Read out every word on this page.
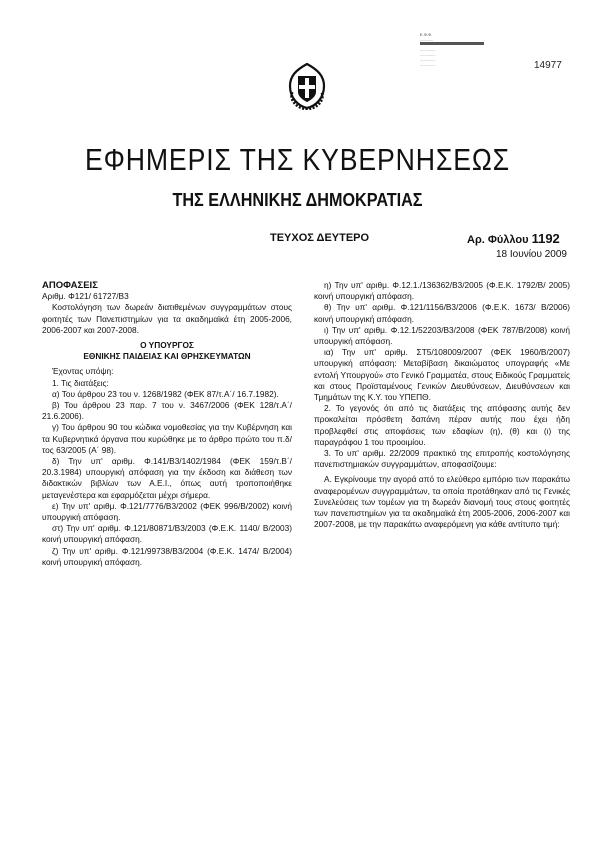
Ε.Φ.Φ.
............
..............
..............
..............
..............	14977
ΕΦΗΜΕΡΙΣ ΤΗΣ ΚΥΒΕΡΝΗΣΕΩΣ
ΤΗΣ ΕΛΛΗΝΙΚΗΣ ΔΗΜΟΚΡΑΤΙΑΣ
ΤΕΥΧΟΣ ΔΕΥΤΕΡΟ	Αρ. Φύλλου 1192
18 Ιουνίου 2009

ΑΠΟΦΑΣΕΙΣ

Αριθμ. Φ121/ 61727/Β3

Κοστολόγηση των δωρεάν διατιθεμένων συγγραμμάτων στους φοιτητές των Πανεπιστημίων για τα ακαδημαϊκά έτη 2005-2006, 2006-2007 και 2007-2008.

Ο ΥΠΟΥΡΓΟΣ

ΕΘΝΙΚΗΣ ΠΑΙΔΕΙΑΣ ΚΑΙ ΘΡΗΣΚΕΥΜΑΤΩΝ

Έχοντας υπόψη:

1. Τις διατάξεις:

α) Του άρθρου 23 του ν. 1268/1982 (ΦΕΚ 87/τ.Α΄/ 16.7.1982).

β) Του άρθρου 23 παρ. 7 του ν. 3467/2006 (ΦΕΚ 128/τ.Α΄/ 21.6.2006).

γ) Του άρθρου 90 του κώδικα νομοθεσίας για την Κυβέρνηση και τα Κυβερνητικά όργανα που κυρώθηκε με το άρθρο πρώτο του π.δ/τος 63/2005 (Α΄ 98).

δ) Την υπ' αριθμ. Φ.141/Β3/1402/1984 (ΦΕΚ 159/τ.Β΄/ 20.3.1984) υπουργική απόφαση για την έκδοση και διάθεση των διδακτικών βιβλίων των Α.Ε.Ι., όπως αυτή τροποποιήθηκε μεταγενέστερα και εφαρμόζεται μέχρι σήμερα.

ε) Την υπ' αριθμ. Φ.121/7776/Β3/2002 (ΦΕΚ 996/Β/2002) κοινή υπουργική απόφαση.

στ) Την υπ' αριθμ. Φ.121/80871/Β3/2003 (Φ.Ε.Κ. 1140/ Β/2003) κοινή υπουργική απόφαση.

ζ) Την υπ' αριθμ. Φ.121/99738/Β3/2004 (Φ.Ε.Κ. 1474/ Β/2004) κοινή υπουργική απόφαση.

η) Την υπ' αριθμ. Φ.12.1./136362/Β3/2005 (Φ.Ε.Κ. 1792/Β/ 2005) κοινή υπουργική απόφαση.

θ) Την υπ' αριθμ. Φ.121/1156/Β3/2006 (Φ.Ε.Κ. 1673/ Β/2006) κοινή υπουργική απόφαση.

ι) Την υπ' αριθμ. Φ.12.1/52203/Β3/2008 (ΦΕΚ 787/Β/2008) κοινή υπουργική απόφαση.

ια) Την υπ' αριθμ. ΣΤ5/108009/2007 (ΦΕΚ 1960/Β/2007) υπουργική απόφαση: Μεταβίβαση δικαιώματος υπογραφής «Με εντολή Υπουργού» στο Γενικό Γραμματέα, στους Ειδικούς Γραμματείς και στους Προϊσταμένους Γενικών Διευθύνσεων, Διευθύνσεων και Τμημάτων της Κ.Υ. του ΥΠΕΠΘ.

2. Το γεγονός ότι από τις διατάξεις της απόφασης αυτής δεν προκαλείται πρόσθετη δαπάνη πέραν αυτής που έχει ήδη προβλεφθεί στις αποφάσεις των εδαφίων (η), (θ) και (ι) της παραγράφου 1 του προοιμίου.

3. Το υπ' αριθμ. 22/2009 πρακτικό της επιτροπής κοστολόγησης πανεπιστημιακών συγγραμμάτων, αποφασίζουμε:

Α. Εγκρίνουμε την αγορά από το ελεύθερο εμπόριο των παρακάτω αναφερομένων συγγραμμάτων, τα οποία προτάθηκαν από τις Γενικές Συνελεύσεις των τομέων για τη δωρεάν διανομή τους στους φοιτητές των πανεπιστημίων για τα ακαδημαϊκά έτη 2005-2006, 2006-2007 και 2007-2008, με την παρακάτω αναφερόμενη για κάθε αντίτυπο τιμή:
